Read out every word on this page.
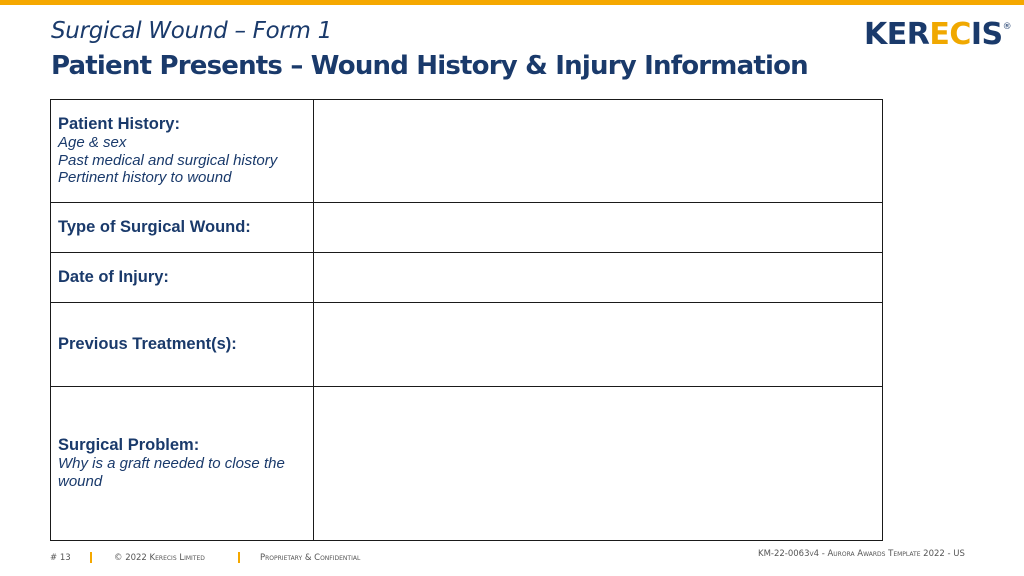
Surgical Wound – Form 1
Patient Presents – Wound History & Injury Information
KERECIS®
Patient History:
Age & sex
Past medical and surgical history
Pertinent history to wound	

Type of Surgical Wound:	

Date of Injury:	

Previous Treatment(s):	

Surgical Problem:
Why is a graft needed to close the wound	

# 13	© 2022 Kerecis Limited	Proprietary & Confidential	KM-22-0063v4 - Aurora Awards Template 2022 - US
